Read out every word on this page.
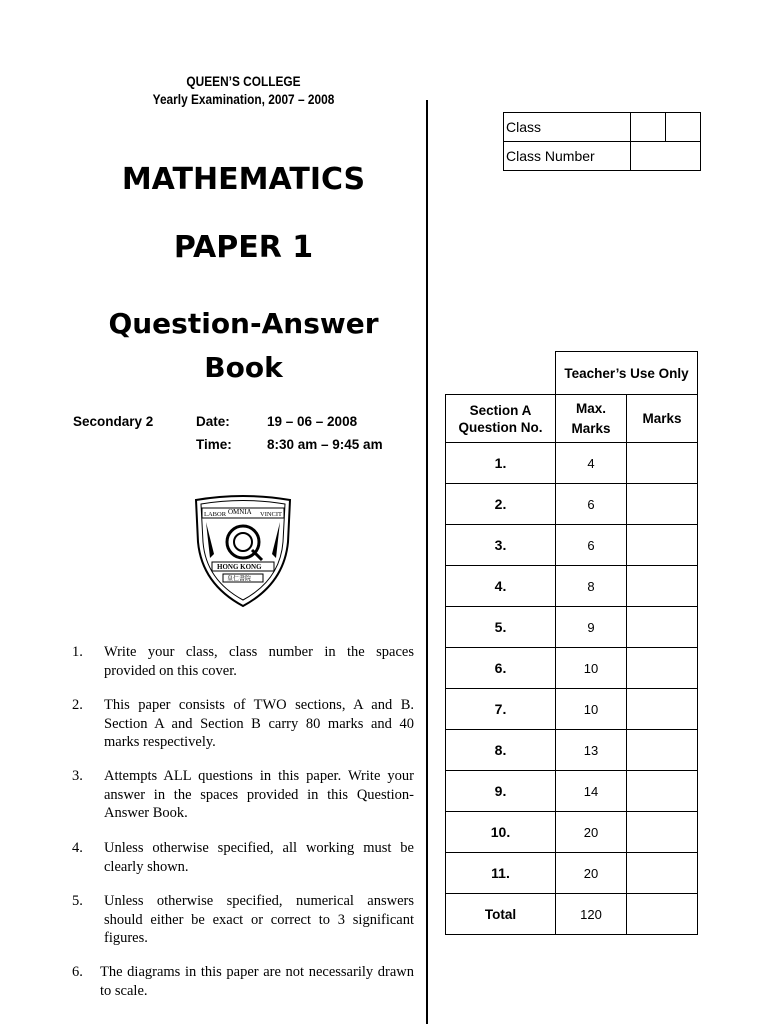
QUEEN’S COLLEGE
Yearly Examination, 2007 – 2008
MATHEMATICS
PAPER 1
Question-Answer
Book
Secondary 2	Date:	19 – 06 – 2008
Time:	8:30 am – 9:45 am
LABOR OMNIA VINCIT
HONG KONG
皇仁書院
1. Write your class, class number in the spaces provided on this cover.
2. This paper consists of TWO sections, A and B. Section A and Section B carry 80 marks and 40 marks respectively.
3. Attempts ALL questions in this paper. Write your answer in the spaces provided in this Question-Answer Book.
4. Unless otherwise specified, all working must be clearly shown.
5. Unless otherwise specified, numerical answers should either be exact or correct to 3 significant figures.
6. The diagrams in this paper are not necessarily drawn to scale.
Class		
Class Number		
	Teacher’s Use Only	
Section A Question No.	Max. Marks	Marks
1.	4	
2.	6	
3.	6	
4.	8	
5.	9	
6.	10	
7.	10	
8.	13	
9.	14	
10.	20	
11.	20	
Total	120	
